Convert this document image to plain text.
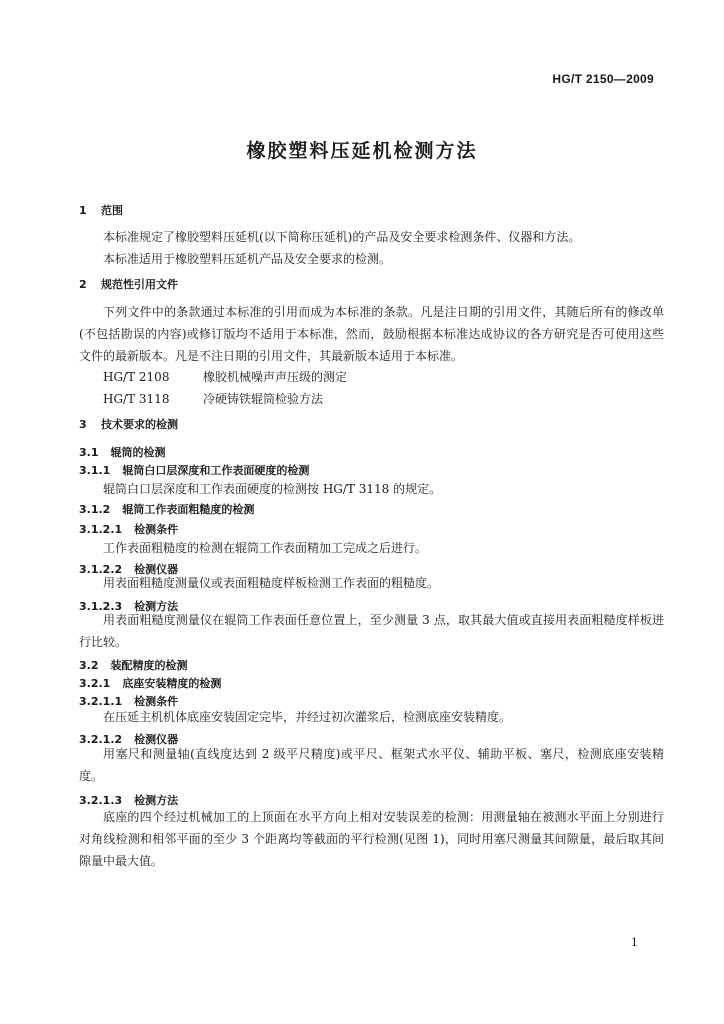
HG/T 2150—2009
橡胶塑料压延机检测方法
1 范围
本标准规定了橡胶塑料压延机(以下简称压延机)的产品及安全要求检测条件、仪器和方法。
本标准适用于橡胶塑料压延机产品及安全要求的检测。
2 规范性引用文件
下列文件中的条款通过本标准的引用而成为本标准的条款。凡是注日期的引用文件，其随后所有的修改单(不包括勘误的内容)或修订版均不适用于本标准，然而，鼓励根据本标准达成协议的各方研究是否可使用这些文件的最新版本。凡是不注日期的引用文件，其最新版本适用于本标准。
HG/T 2108	橡胶机械噪声声压级的测定
HG/T 3118	冷硬铸铁辊筒检验方法
3 技术要求的检测
3.1 辊筒的检测
3.1.1 辊筒白口层深度和工作表面硬度的检测
辊筒白口层深度和工作表面硬度的检测按 HG/T 3118 的规定。
3.1.2 辊筒工作表面粗糙度的检测
3.1.2.1 检测条件
工作表面粗糙度的检测在辊筒工作表面精加工完成之后进行。
3.1.2.2 检测仪器
用表面粗糙度测量仪或表面粗糙度样板检测工作表面的粗糙度。
3.1.2.3 检测方法
用表面粗糙度测量仪在辊筒工作表面任意位置上，至少测量 3 点，取其最大值或直接用表面粗糙度样板进行比较。
3.2 装配精度的检测
3.2.1 底座安装精度的检测
3.2.1.1 检测条件
在压延主机机体底座安装固定完毕，并经过初次灌浆后，检测底座安装精度。
3.2.1.2 检测仪器
用塞尺和测量轴(直线度达到 2 级平尺精度)或平尺、框架式水平仪、辅助平板、塞尺，检测底座安装精度。
3.2.1.3 检测方法
底座的四个经过机械加工的上顶面在水平方向上相对安装误差的检测：用测量轴在被测水平面上分别进行对角线检测和相邻平面的至少 3 个距离均等截面的平行检测(见图 1)，同时用塞尺测量其间隙量，最后取其间隙量中最大值。
1
